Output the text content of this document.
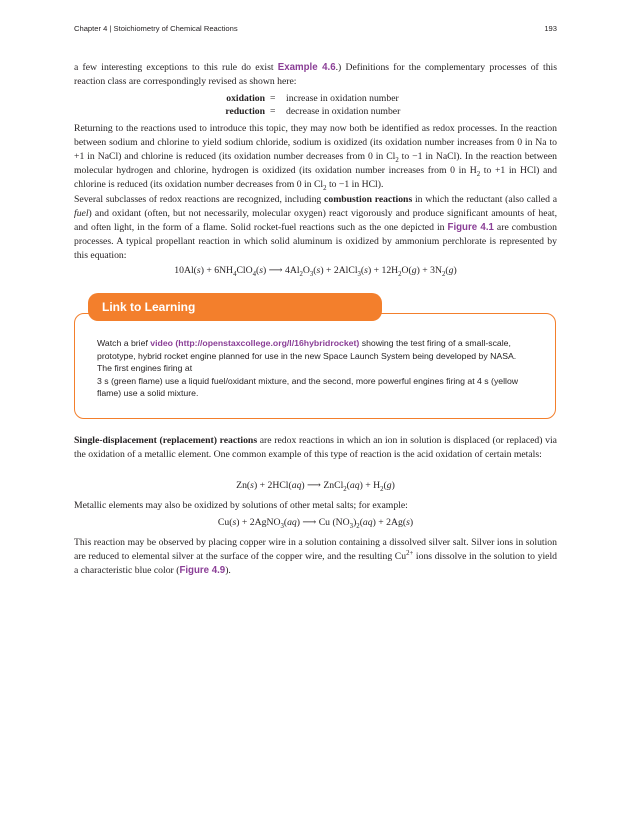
Chapter 4 | Stoichiometry of Chemical Reactions	193

a few interesting exceptions to this rule do exist Example 4.6.) Definitions for the complementary processes of this reaction class are correspondingly revised as shown here:

oxidation = increase in oxidation number
reduction = decrease in oxidation number

Returning to the reactions used to introduce this topic, they may now both be identified as redox processes. In the reaction between sodium and chlorine to yield sodium chloride, sodium is oxidized (its oxidation number increases from 0 in Na to +1 in NaCl) and chlorine is reduced (its oxidation number decreases from 0 in $Cl_2$ to −1 in NaCl). In the reaction between molecular hydrogen and chlorine, hydrogen is oxidized (its oxidation number increases from 0 in $H_2$ to +1 in HCl) and chlorine is reduced (its oxidation number decreases from 0 in $Cl_2$ to −1 in HCl).

Several subclasses of redox reactions are recognized, including combustion reactions in which the reductant (also called a fuel) and oxidant (often, but not necessarily, molecular oxygen) react vigorously and produce significant amounts of heat, and often light, in the form of a flame. Solid rocket-fuel reactions such as the one depicted in Figure 4.1 are combustion processes. A typical propellant reaction in which solid aluminum is oxidized by ammonium perchlorate is represented by this equation:

$10Al(s) + 6NH_4ClO_4(s)$ ⟶ $4Al_2O_3(s)$ + 2AlCl$_3$(s) + $12H_2O(g) + 3N_2(g)$
Link to Learning
Watch a brief video (http://openstaxcollege.org/l/16hybridrocket) showing the test firing of a small-scale, prototype, hybrid rocket engine planned for use in the new Space Launch System being developed by NASA. The first engines firing at
3 s (green flame) use a liquid fuel/oxidant mixture, and the second, more powerful engines firing at 4 s (yellow flame) use a solid mixture.

Single-displacement (replacement) reactions are redox reactions in which an ion in solution is displaced (or replaced) via the oxidation of a metallic element. One common example of this type of reaction is the acid oxidation of certain metals:

Zn(s) + 2HCl(aq) ⟶ ZnCl$_2$(aq) + $H_2(g)$

Metallic elements may also be oxidized by solutions of other metal salts; for example:

Cu(s) + 2AgNO$_3$(aq) ⟶ Cu $(NO_3)_2(aq) + 2Ag(s)$

This reaction may be observed by placing copper wire in a solution containing a dissolved silver salt. Silver ions in solution are reduced to elemental silver at the surface of the copper wire, and the resulting $Cu^{2+}$ ions dissolve in the solution to yield a characteristic blue color (Figure 4.9).
